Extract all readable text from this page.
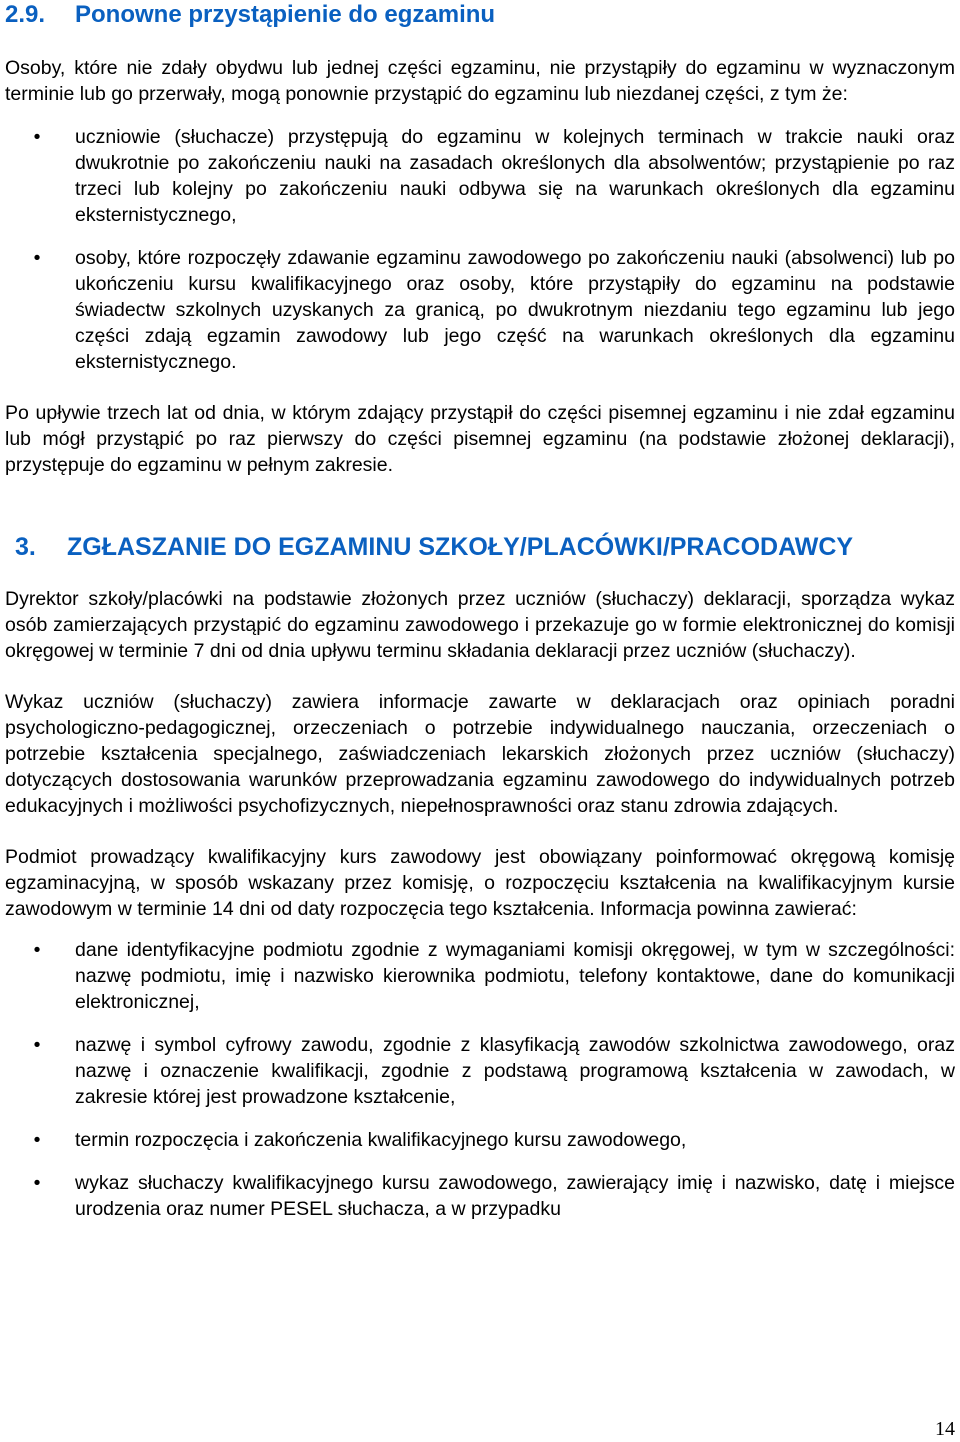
2.9. Ponowne przystąpienie do egzaminu

Osoby, które nie zdały obydwu lub jednej części egzaminu, nie przystąpiły do egzaminu w wyznaczonym terminie lub go przerwały, mogą ponownie przystąpić do egzaminu lub niezdanej części, z tym że:

•	uczniowie (słuchacze) przystępują do egzaminu w kolejnych terminach w trakcie nauki oraz dwukrotnie po zakończeniu nauki na zasadach określonych dla absolwentów; przystąpienie po raz trzeci lub kolejny po zakończeniu nauki odbywa się na warunkach określonych dla egzaminu eksternistycznego,
•	osoby, które rozpoczęły zdawanie egzaminu zawodowego po zakończeniu nauki (absolwenci) lub po ukończeniu kursu kwalifikacyjnego oraz osoby, które przystąpiły do egzaminu na podstawie świadectw szkolnych uzyskanych za granicą, po dwukrotnym niezdaniu tego egzaminu lub jego części zdają egzamin zawodowy lub jego część na warunkach określonych dla egzaminu eksternistycznego.

Po upływie trzech lat od dnia, w którym zdający przystąpił do części pisemnej egzaminu i nie zdał egzaminu lub mógł przystąpić po raz pierwszy do części pisemnej egzaminu (na podstawie złożonej deklaracji), przystępuje do egzaminu w pełnym zakresie.

3. ZGŁASZANIE DO EGZAMINU SZKOŁY/PLACÓWKI/PRACODAWCY

Dyrektor szkoły/placówki na podstawie złożonych przez uczniów (słuchaczy) deklaracji, sporządza wykaz osób zamierzających przystąpić do egzaminu zawodowego i przekazuje go w formie elektronicznej do komisji okręgowej w terminie 7 dni od dnia upływu terminu składania deklaracji przez uczniów (słuchaczy).

Wykaz uczniów (słuchaczy) zawiera informacje zawarte w deklaracjach oraz opiniach poradni psychologiczno-pedagogicznej, orzeczeniach o potrzebie indywidualnego nauczania, orzeczeniach o potrzebie kształcenia specjalnego, zaświadczeniach lekarskich złożonych przez uczniów (słuchaczy) dotyczących dostosowania warunków przeprowadzania egzaminu zawodowego do indywidualnych potrzeb edukacyjnych i możliwości psychofizycznych, niepełnosprawności oraz stanu zdrowia zdających.

Podmiot prowadzący kwalifikacyjny kurs zawodowy jest obowiązany poinformować okręgową komisję egzaminacyjną, w sposób wskazany przez komisję, o rozpoczęciu kształcenia na kwalifikacyjnym kursie zawodowym w terminie 14 dni od daty rozpoczęcia tego kształcenia. Informacja powinna zawierać:

•	dane identyfikacyjne podmiotu zgodnie z wymaganiami komisji okręgowej, w tym w szczególności: nazwę podmiotu, imię i nazwisko kierownika podmiotu, telefony kontaktowe, dane do komunikacji elektronicznej,
•	nazwę i symbol cyfrowy zawodu, zgodnie z klasyfikacją zawodów szkolnictwa zawodowego, oraz nazwę i oznaczenie kwalifikacji, zgodnie z podstawą programową kształcenia w zawodach, w zakresie której jest prowadzone kształcenie,
•	termin rozpoczęcia i zakończenia kwalifikacyjnego kursu zawodowego,
•	wykaz słuchaczy kwalifikacyjnego kursu zawodowego, zawierający imię i nazwisko, datę i miejsce urodzenia oraz numer PESEL słuchacza, a w przypadku
14
